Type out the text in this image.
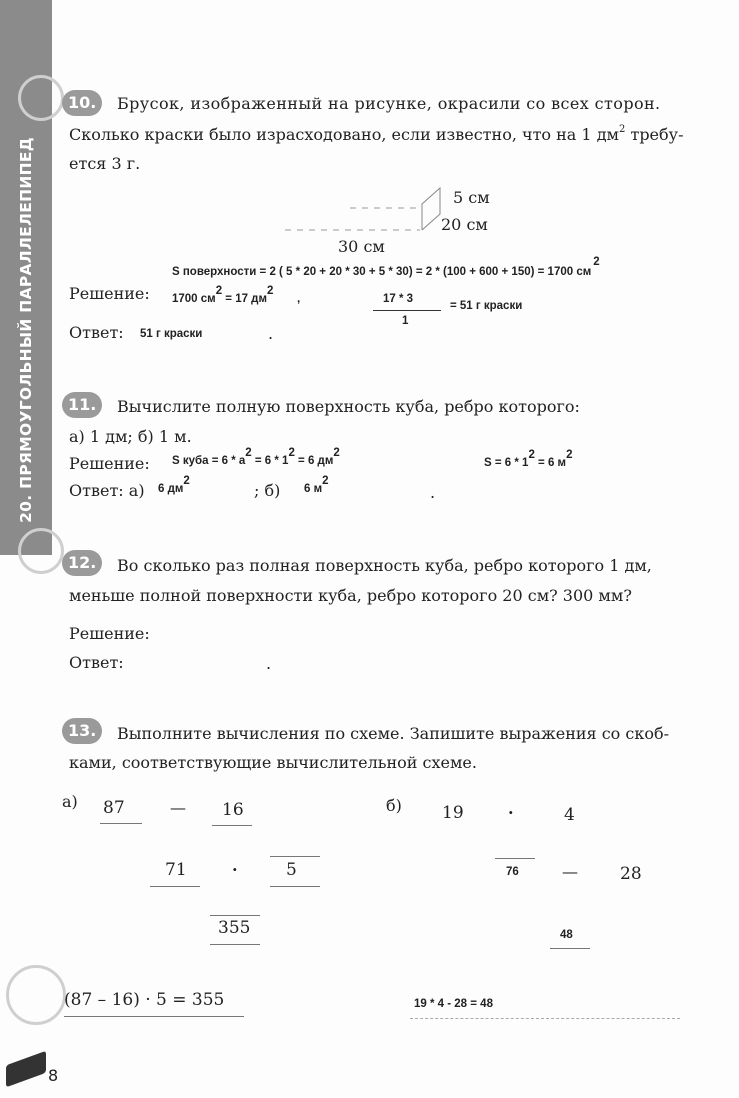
20. ПРЯМОУГОЛЬНЫЙ ПАРАЛЛЕЛЕПИПЕД
10.	Брусок, изображенный на рисунке, окрасили со всех сторон.
Сколько краски было израсходовано, если известно, что на 1 $дм^2$ требу-
ется 3 г.
5 см
20 см
30 см
S поверхности = 2 ( 5 * 20 + 20 * 30 + 5 * 30) = 2 * (100 + 600 + 150) = 1700 см2
Решение: 1700 см2 = 17 дм2
,	17 * 3
1
= 51 г краски
Ответ: 51 г краски	.
11.	Вычислите полную поверхность куба, ребро которого:
а) 1 дм; б) 1 м.
Решение: S куба = 6 * а2 = 6 * 12 = 6 дм2
S = 6 * 12 = 6 м2
Ответ: а) 6 дм2	; б) 6 м2
.
12.	Во сколько раз полная поверхность куба, ребро которого 1 дм,
меньше полной поверхности куба, ребро которого 20 см? 300 мм?
Решение:
Ответ:	.
13.	Выполните вычисления по схеме. Запишите выражения со скоб-
ками, соответствующие вычислительной схеме.
а) 87	— 16
71	·	5
355
б) 19	·	4
76	— 28
48
(87 – 16) · 5 = 355	19 * 4 - 28 = 48
8
